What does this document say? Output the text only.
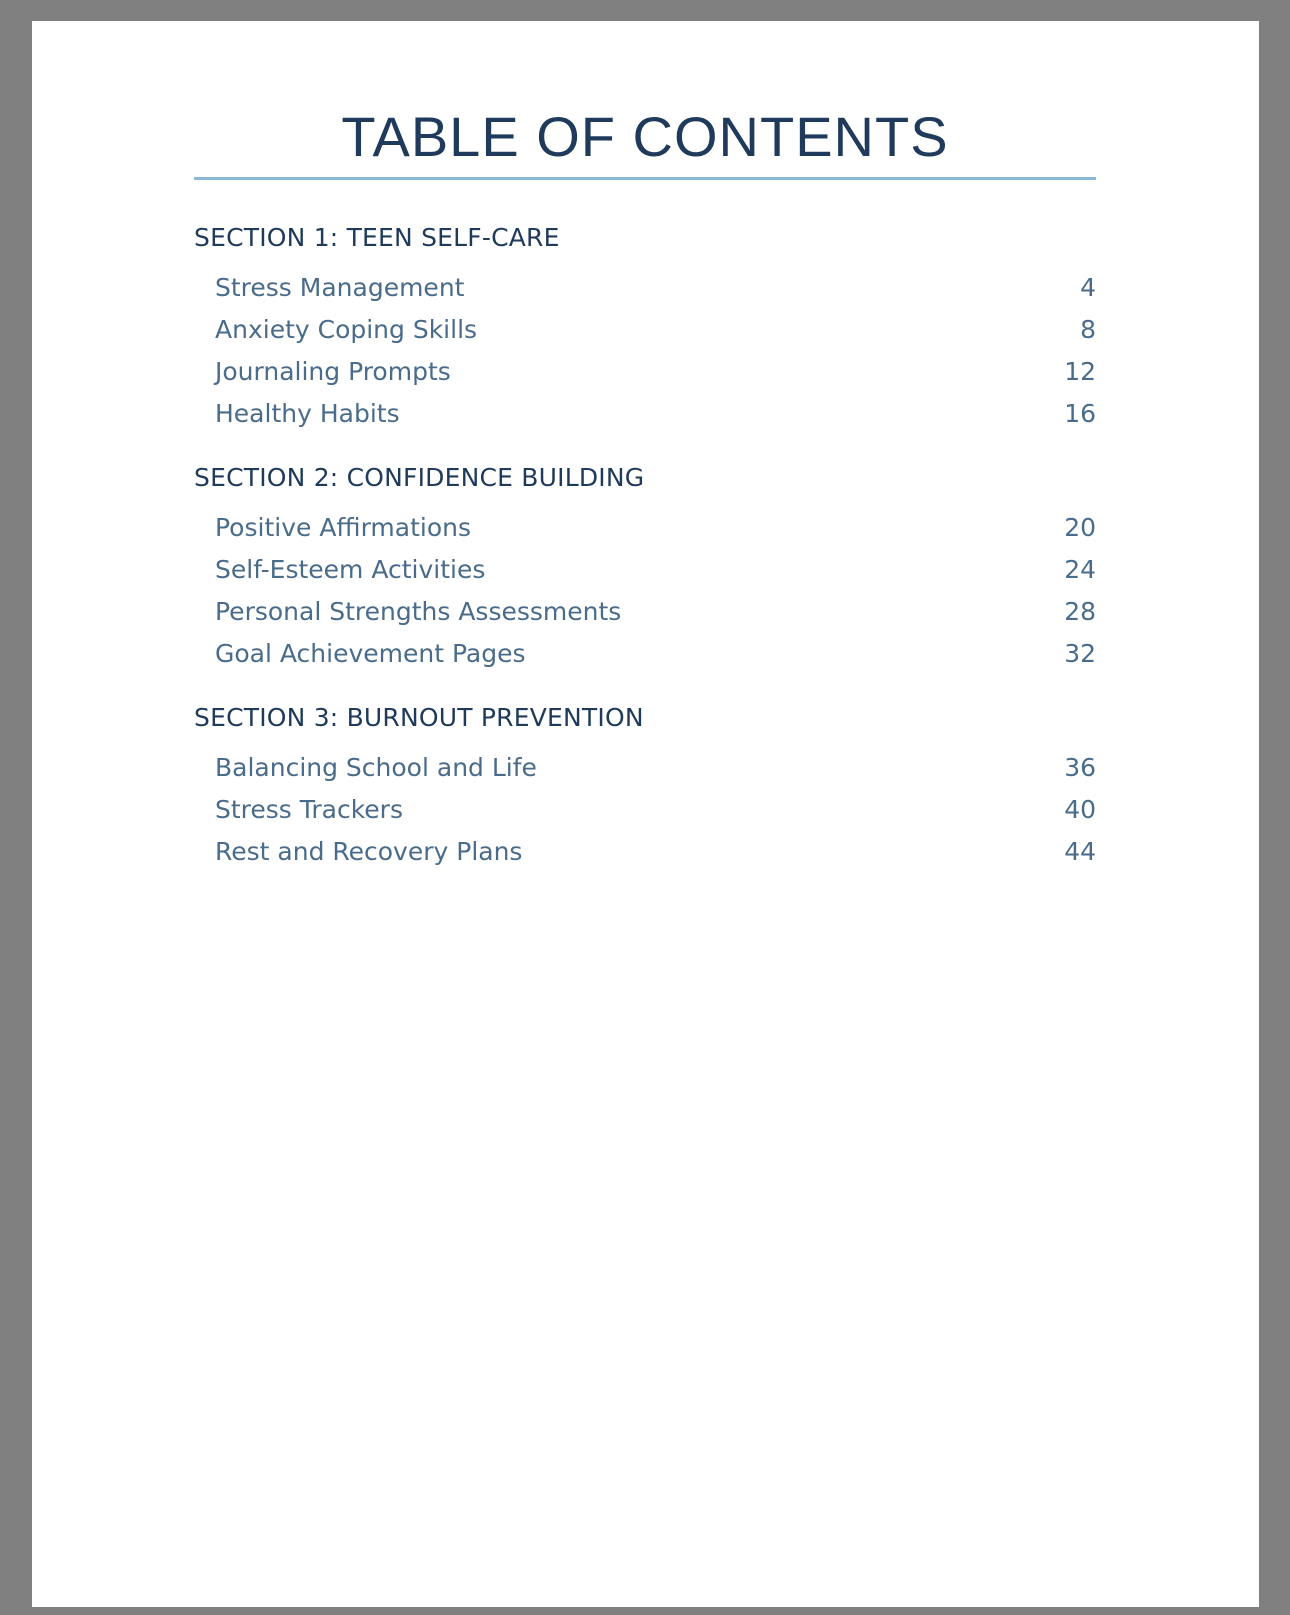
TABLE OF CONTENTS
SECTION 1: TEEN SELF-CARE
Stress Management	4
Anxiety Coping Skills	8
Journaling Prompts	12
Healthy Habits	16
SECTION 2: CONFIDENCE BUILDING
Positive Affirmations	20
Self-Esteem Activities	24
Personal Strengths Assessments	28
Goal Achievement Pages	32
SECTION 3: BURNOUT PREVENTION
Balancing School and Life	36
Stress Trackers	40
Rest and Recovery Plans	44
